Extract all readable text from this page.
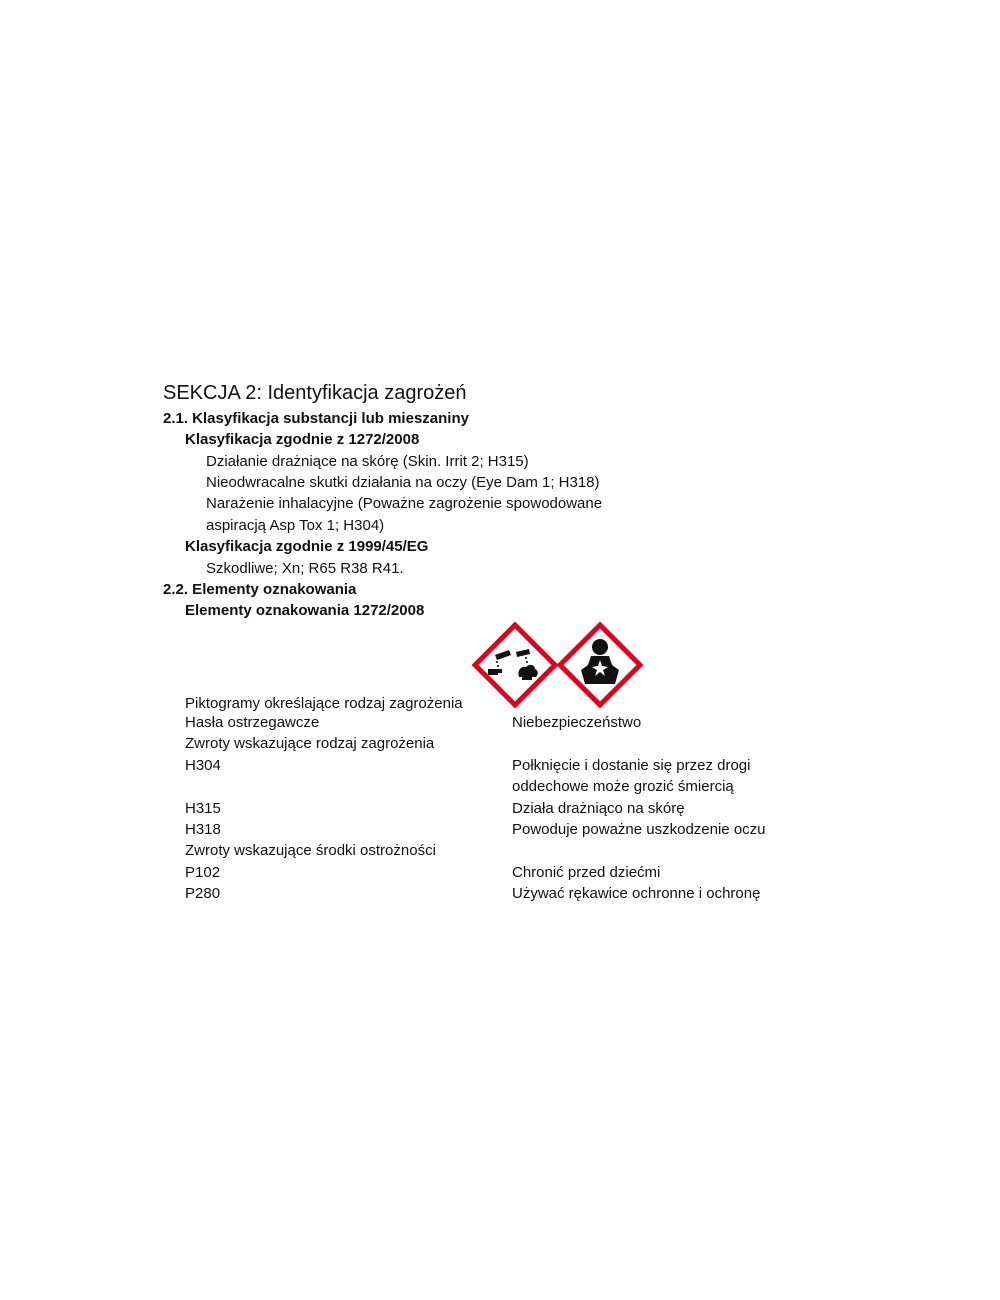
SEKCJA 2: Identyfikacja zagrożeń
2.1. Klasyfikacja substancji lub mieszaniny
Klasyfikacja zgodnie z 1272/2008
Działanie drażniące na skórę (Skin. Irrit 2; H315)
Nieodwracalne skutki działania na oczy (Eye Dam 1; H318)
Narażenie inhalacyjne (Poważne zagrożenie spowodowane
aspiracją Asp Tox 1; H304)
Klasyfikacja zgodnie z 1999/45/EG
Szkodliwe; Xn; R65 R38 R41.
2.2. Elementy oznakowania
Elementy oznakowania 1272/2008
Piktogramy określające rodzaj zagrożenia
Hasła ostrzegawcze	Niebezpieczeństwo
Zwroty wskazujące rodzaj zagrożenia
H304	Połknięcie i dostanie się przez drogi
oddechowe może grozić śmiercią
H315	Działa drażniąco na skórę
H318	Powoduje poważne uszkodzenie oczu
Zwroty wskazujące środki ostrożności
P102	Chronić przed dziećmi
P280	Używać rękawice ochronne i ochronę
